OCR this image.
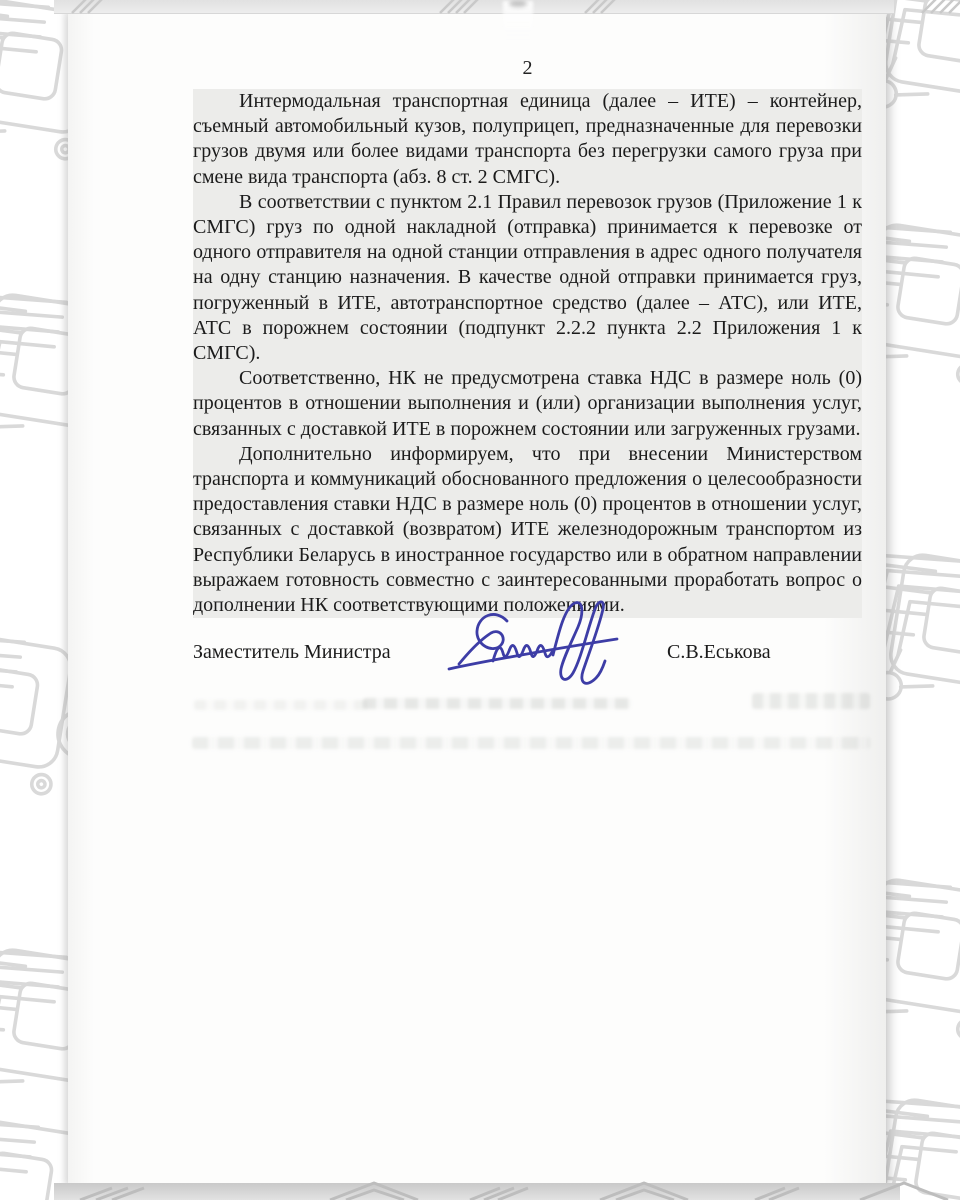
2

Интермодальная транспортная единица (далее – ИТЕ) – контейнер, съемный автомобильный кузов, полуприцеп, предназначенные для перевозки грузов двумя или более видами транспорта без перегрузки самого груза при смене вида транспорта (абз. 8 ст. 2 СМГС).

В соответствии с пунктом 2.1 Правил перевозок грузов (Приложение 1 к СМГС) груз по одной накладной (отправка) принимается к перевозке от одного отправителя на одной станции отправления в адрес одного получателя на одну станцию назначения. В качестве одной отправки принимается груз, погруженный в ИТЕ, автотранспортное средство (далее – АТС), или ИТЕ, АТС в порожнем состоянии (подпункт 2.2.2 пункта 2.2 Приложения 1 к СМГС).

Соответственно, НК не предусмотрена ставка НДС в размере ноль (0) процентов в отношении выполнения и (или) организации выполнения услуг, связанных с доставкой ИТЕ в порожнем состоянии или загруженных грузами.

Дополнительно информируем, что при внесении Министерством транспорта и коммуникаций обоснованного предложения о целесообразности предоставления ставки НДС в размере ноль (0) процентов в отношении услуг, связанных с доставкой (возвратом) ИТЕ железнодорожным транспортом из Республики Беларусь в иностранное государство или в обратном направлении выражаем готовность совместно с заинтересованными проработать вопрос о дополнении НК соответствующими положениями.

Заместитель Министра	С.В.Еськова
